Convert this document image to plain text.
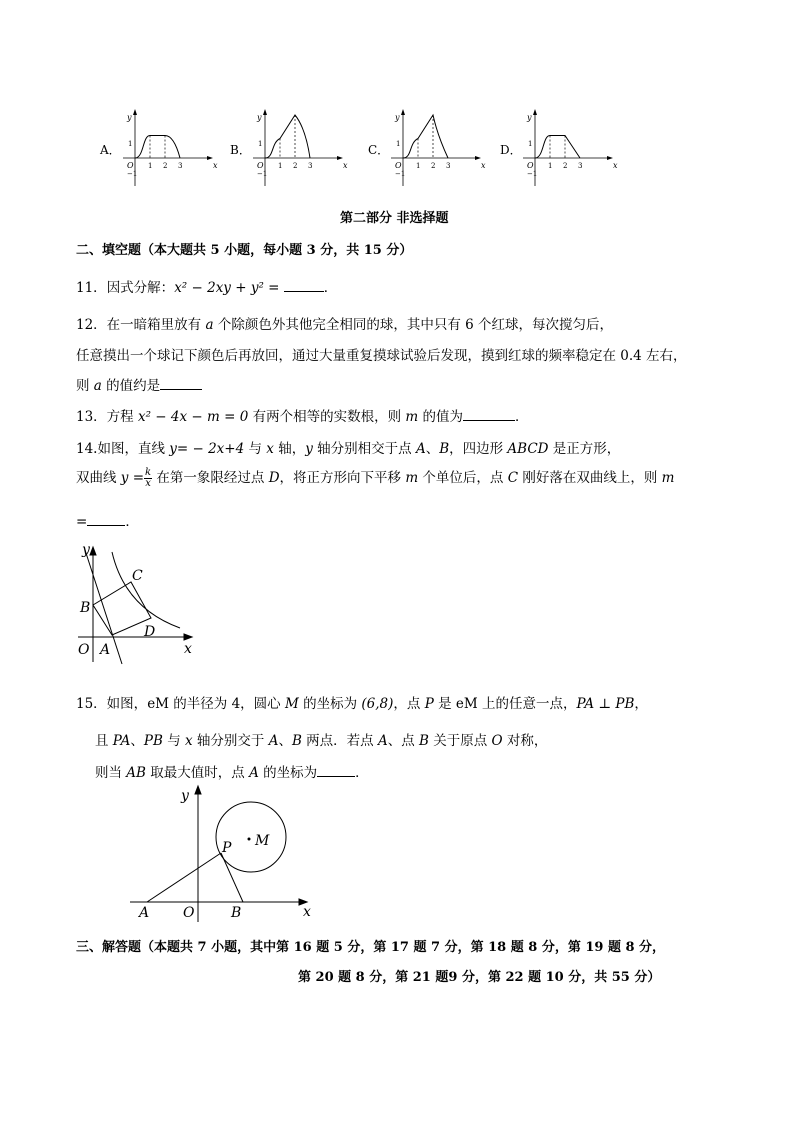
A．
y
x
O
−1
1
1 2 3
B．
y
x
O
−1
1
1 2 3
C．
y
x
O
−1
1
1 2 3
D．
y
x
O
−1
1
1 2 3
第二部分 非选择题
二、填空题（本大题共 5 小题，每小题 3 分，共 15 分）
11．因式分解：x² − 2xy + y² =	．
12．在一暗箱里放有 a 个除颜色外其他完全相同的球，其中只有 6 个红球，每次搅匀后，
任意摸出一个球记下颜色后再放回，通过大量重复摸球试验后发现，摸到红球的频率稳定在 0.4 左右，
则 a 的值约是
13．方程 x² − 4x − m = 0 有两个相等的实数根，则 m 的值为	．
14.如图，直线 y= − 2x+4 与 x 轴，y 轴分别相交于点 A、B，四边形 ABCD 是正方形，
双曲线 $y = \frac{k}{x}$ 在第一象限经过点 D，将正方形向下平移 m 个单位后，点 C 刚好落在双曲线上，则 m
=	．
y
x
O A
B
C
D
15．如图，eM 的半径为 4，圆心 M 的坐标为 (6,8)，点 P 是 eM 上的任意一点，PA ⊥ PB，
且 PA、PB 与 x 轴分别交于 A、B 两点．若点 A、点 B 关于原点 O 对称，
则当 AB 取最大值时，点 A 的坐标为	．
y
x
O
A	B
P M
三、解答题（本题共 7 小题，其中第 16 题 5 分，第 17 题 7 分，第 18 题 8 分，第 19 题 8 分，
第 20 题 8 分，第 21 题9 分，第 22 题 10 分，共 55 分）
